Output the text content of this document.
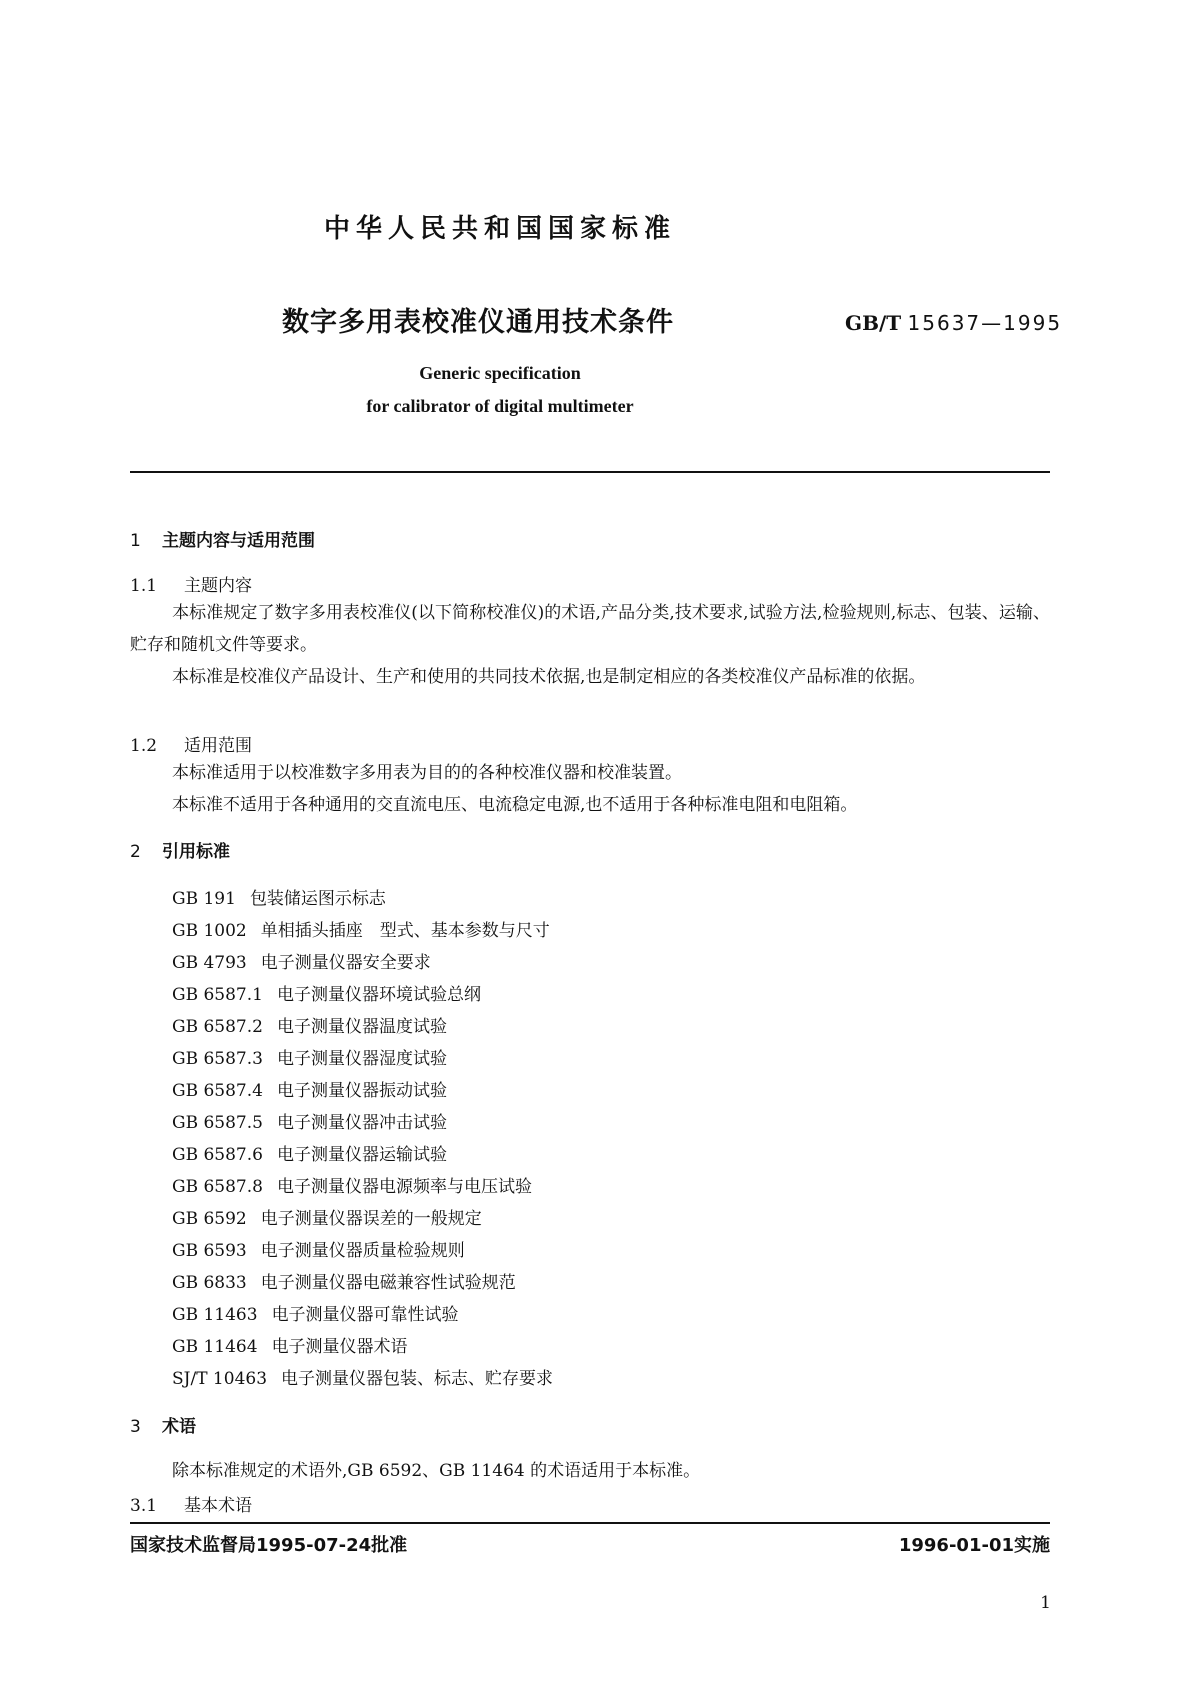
中华人民共和国国家标准
数字多用表校准仪通用技术条件	GB/T 15637—1995
Generic specification
for calibrator of digital multimeter
1 主题内容与适用范围
1.1 主题内容
本标准规定了数字多用表校准仪(以下简称校准仪)的术语,产品分类,技术要求,试验方法,检验规则,标志、包装、运输、贮存和随机文件等要求。
本标准是校准仪产品设计、生产和使用的共同技术依据,也是制定相应的各类校准仪产品标准的依据。
1.2 适用范围
本标准适用于以校准数字多用表为目的的各种校准仪器和校准装置。
本标准不适用于各种通用的交直流电压、电流稳定电源,也不适用于各种标准电阻和电阻箱。
2 引用标准
GB 191 包装储运图示标志
GB 1002 单相插头插座　型式、基本参数与尺寸
GB 4793 电子测量仪器安全要求
GB 6587.1 电子测量仪器环境试验总纲
GB 6587.2 电子测量仪器温度试验
GB 6587.3 电子测量仪器湿度试验
GB 6587.4 电子测量仪器振动试验
GB 6587.5 电子测量仪器冲击试验
GB 6587.6 电子测量仪器运输试验
GB 6587.8 电子测量仪器电源频率与电压试验
GB 6592 电子测量仪器误差的一般规定
GB 6593 电子测量仪器质量检验规则
GB 6833 电子测量仪器电磁兼容性试验规范
GB 11463 电子测量仪器可靠性试验
GB 11464 电子测量仪器术语
SJ/T 10463 电子测量仪器包装、标志、贮存要求
3 术语
除本标准规定的术语外,GB 6592、GB 11464 的术语适用于本标准。
3.1 基本术语
国家技术监督局1995-07-24批准	1996-01-01实施
1
